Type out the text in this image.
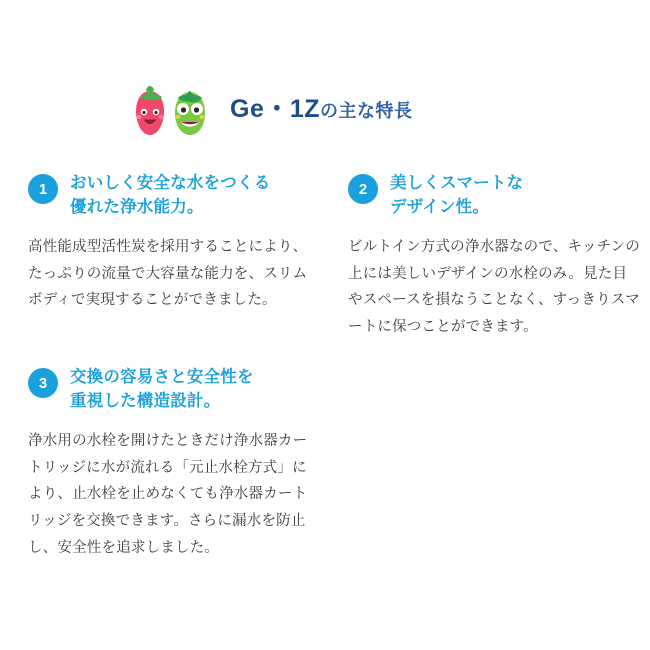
Ge・1Zの主な特長
1	おいしく安全な水をつくる
優れた浄水能力。

高性能成型活性炭を採用することにより、たっぷりの流量で大容量な能力を、スリムボディで実現することができました。

2	美しくスマートな
デザイン性。

ビルトイン方式の浄水器なので、キッチンの上には美しいデザインの水栓のみ。見た目やスペースを損なうことなく、すっきりスマートに保つことができます。

3	交換の容易さと安全性を
重視した構造設計。

浄水用の水栓を開けたときだけ浄水器カートリッジに水が流れる「元止水栓方式」により、止水栓を止めなくても浄水器カートリッジを交換できます。さらに漏水を防止し、安全性を追求しました。
